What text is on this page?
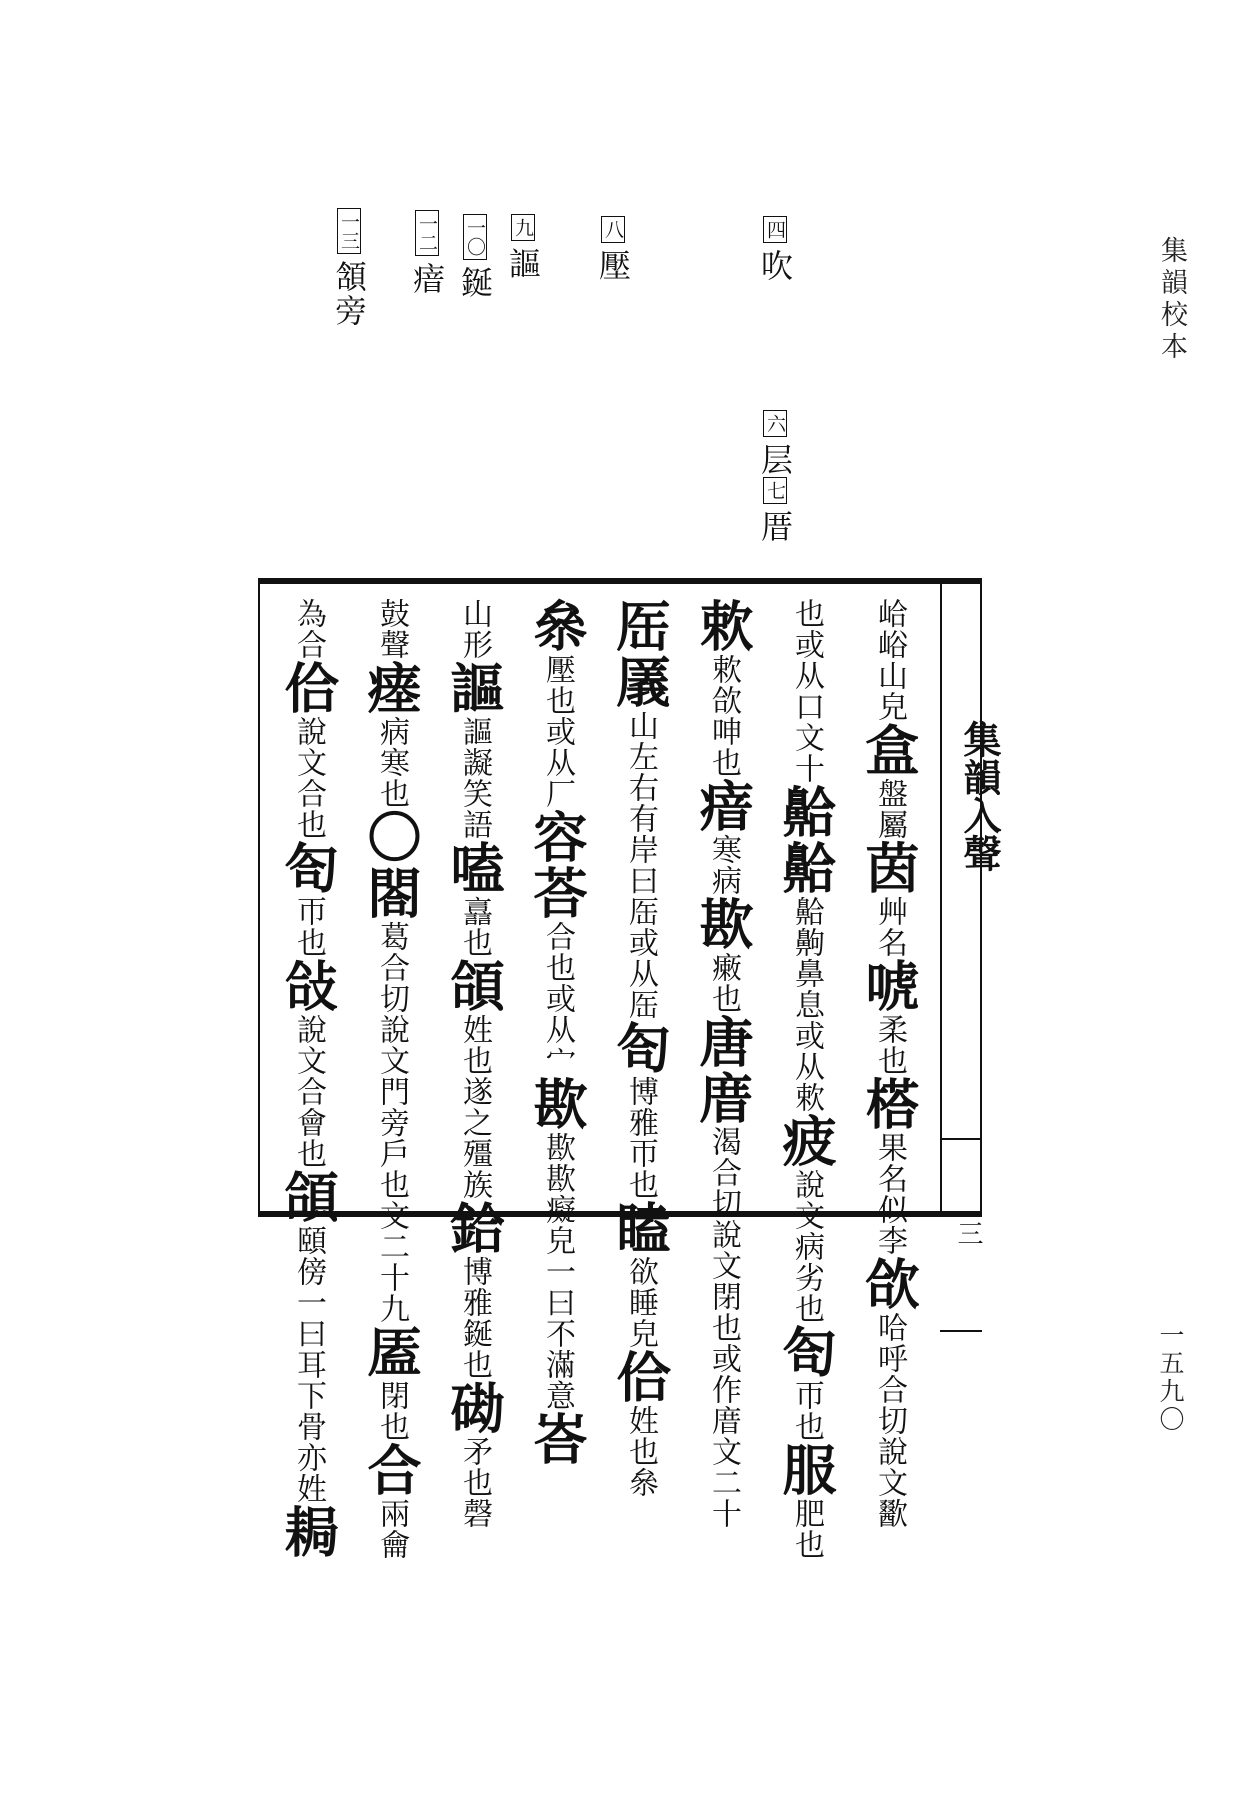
集韻校本
一五九〇
四吹
八壓
九謳
一〇鋋
一二瘖
一三頷旁
六层七厝
峆峪山皃盒盤屬茵艸名唬柔也榙果名似李欱哈呼合切說文歠
也或从口文十䶎䶎䶎齁鼻息或从欶疲說文病劣也匌帀也服肥也
欶欶欱呻也瘖寒病歁瘷也唐庴渴合切說文閉也或作庴文二十
厒㕒山左右有岸曰厒或从厒匌博雅帀也瞌欲睡皃佮姓也㕘
㕘壓也或从厂容荅合也或从宀歁歁歁癡皃一曰不滿意峇
山形謳謳譺笑語嗑譶也頜姓也遂之殭族鉿博雅鋋也䂶矛也磬
鼓聲瘗病寒也〇閤葛合切說文門旁戶也文二十九㕎閉也合兩龠
為合佮說文合也匌帀也敆說文合會也頜頤傍一曰耳下骨亦姓䎤
集韻入聲
三
